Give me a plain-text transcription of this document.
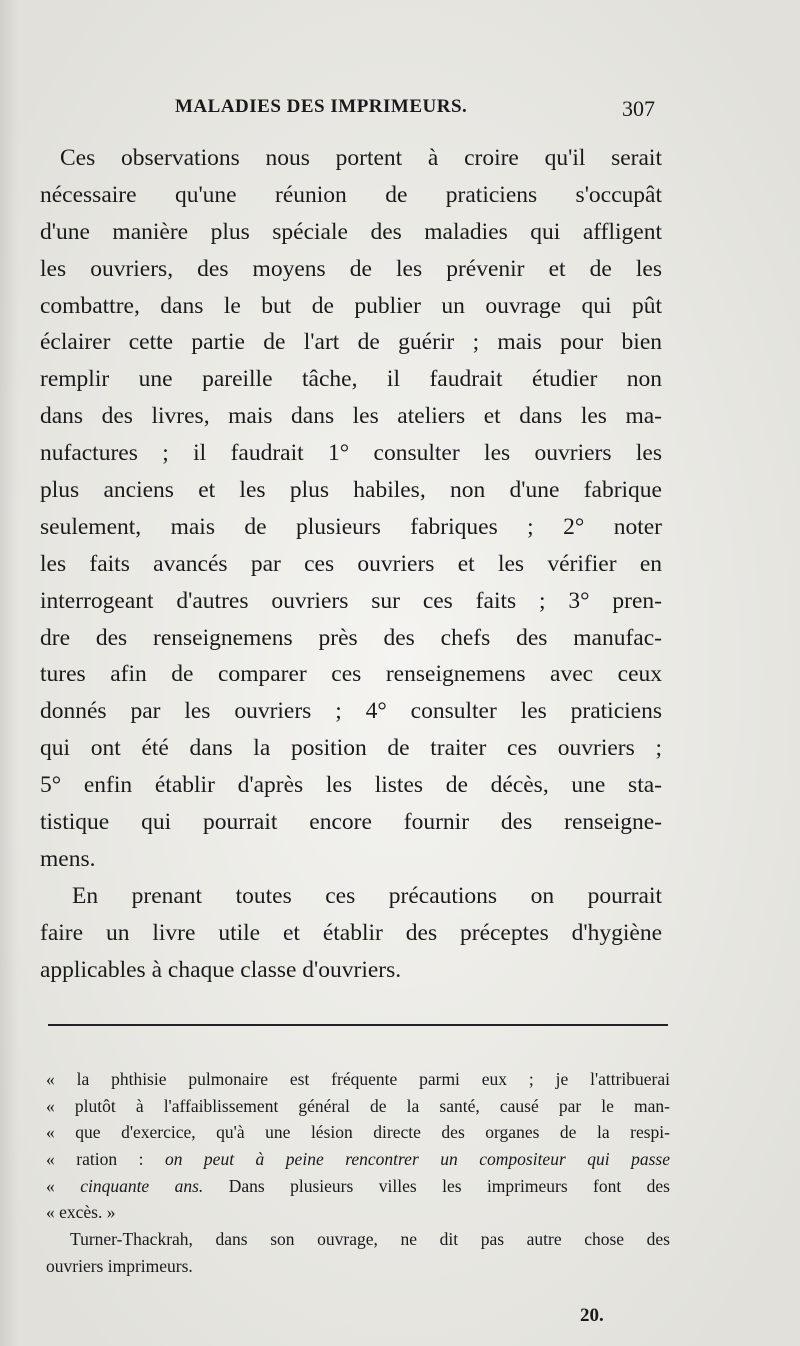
MALADIES DES IMPRIMEURS.	307
Ces observations nous portent à croire qu'il serait
nécessaire qu'une réunion de praticiens s'occupât
d'une manière plus spéciale des maladies qui affligent
les ouvriers, des moyens de les prévenir et de les
combattre, dans le but de publier un ouvrage qui pût
éclairer cette partie de l'art de guérir ; mais pour bien
remplir une pareille tâche, il faudrait étudier non
dans des livres, mais dans les ateliers et dans les ma-
nufactures ; il faudrait 1° consulter les ouvriers les
plus anciens et les plus habiles, non d'une fabrique
seulement, mais de plusieurs fabriques ; 2° noter
les faits avancés par ces ouvriers et les vérifier en
interrogeant d'autres ouvriers sur ces faits ; 3° pren-
dre des renseignemens près des chefs des manufac-
tures afin de comparer ces renseignemens avec ceux
donnés par les ouvriers ; 4° consulter les praticiens
qui ont été dans la position de traiter ces ouvriers ;
5° enfin établir d'après les listes de décès, une sta-
tistique qui pourrait encore fournir des renseigne-
mens.
En prenant toutes ces précautions on pourrait
faire un livre utile et établir des préceptes d'hygiène
applicables à chaque classe d'ouvriers.
« la phthisie pulmonaire est fréquente parmi eux ; je l'attribuerai
« plutôt à l'affaiblissement général de la santé, causé par le man-
« que d'exercice, qu'à une lésion directe des organes de la respi-
« ration : on peut à peine rencontrer un compositeur qui passe
« cinquante ans. Dans plusieurs villes les imprimeurs font des
« excès. »
Turner-Thackrah, dans son ouvrage, ne dit pas autre chose des
ouvriers imprimeurs.
20.
